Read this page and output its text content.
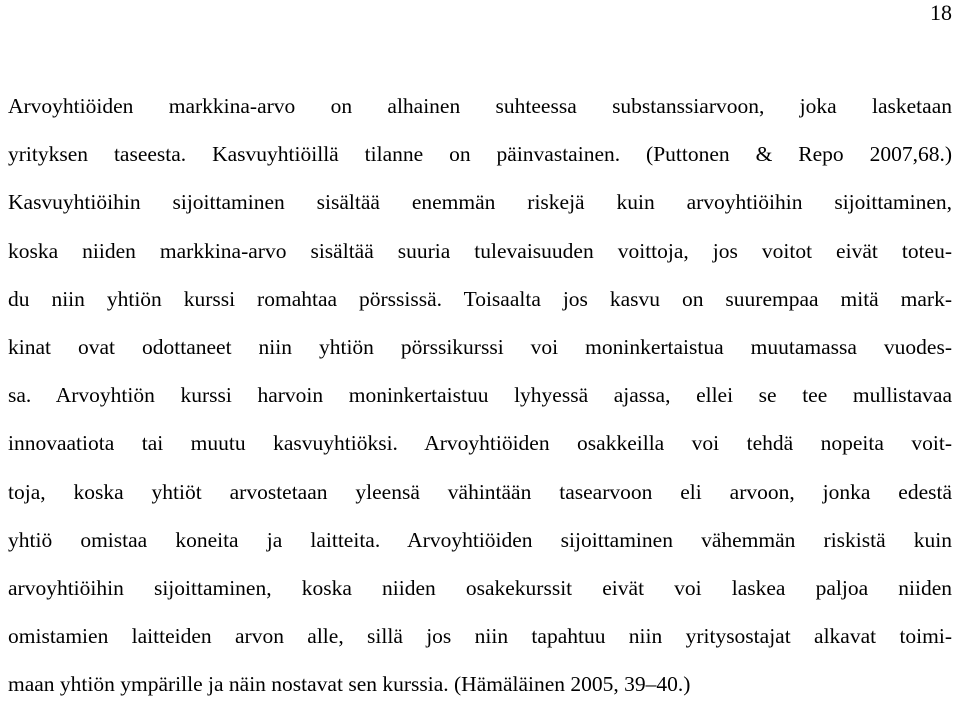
18
Arvoyhtiöiden markkina-arvo on alhainen suhteessa substanssiarvoon, joka lasketaan
yrityksen taseesta. Kasvuyhtiöillä tilanne on päinvastainen. (Puttonen & Repo 2007,68.)
Kasvuyhtiöihin sijoittaminen sisältää enemmän riskejä kuin arvoyhtiöihin sijoittaminen,
koska niiden markkina-arvo sisältää suuria tulevaisuuden voittoja, jos voitot eivät toteu-
du niin yhtiön kurssi romahtaa pörssissä. Toisaalta jos kasvu on suurempaa mitä mark-
kinat ovat odottaneet niin yhtiön pörssikurssi voi moninkertaistua muutamassa vuodes-
sa. Arvoyhtiön kurssi harvoin moninkertaistuu lyhyessä ajassa, ellei se tee mullistavaa
innovaatiota tai muutu kasvuyhtiöksi. Arvoyhtiöiden osakkeilla voi tehdä nopeita voit-
toja, koska yhtiöt arvostetaan yleensä vähintään tasearvoon eli arvoon, jonka edestä
yhtiö omistaa koneita ja laitteita. Arvoyhtiöiden sijoittaminen vähemmän riskistä kuin
arvoyhtiöihin sijoittaminen, koska niiden osakekurssit eivät voi laskea paljoa niiden
omistamien laitteiden arvon alle, sillä jos niin tapahtuu niin yritysostajat alkavat toimi-
maan yhtiön ympärille ja näin nostavat sen kurssia. (Hämäläinen 2005, 39–40.)
